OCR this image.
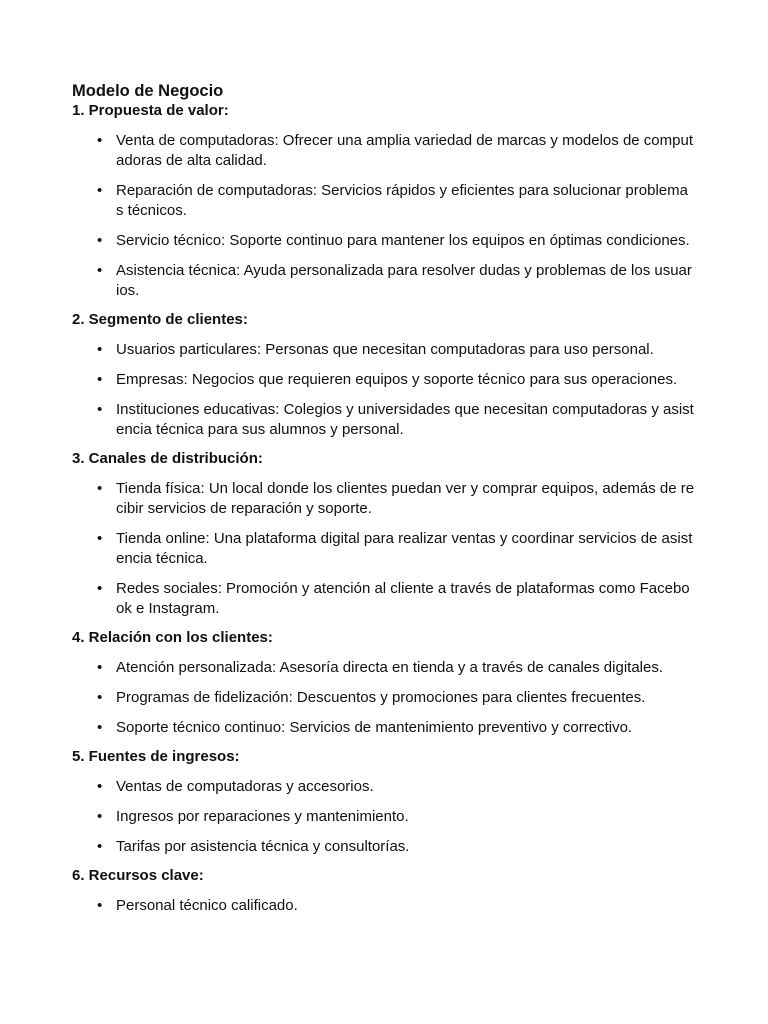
Modelo de Negocio

1. Propuesta de valor:

• Venta de computadoras: Ofrecer una amplia variedad de marcas y modelos de comput
adoras de alta calidad.
• Reparación de computadoras: Servicios rápidos y eficientes para solucionar problema
s técnicos.
• Servicio técnico: Soporte continuo para mantener los equipos en óptimas condiciones.
• Asistencia técnica: Ayuda personalizada para resolver dudas y problemas de los usuar
ios.

2. Segmento de clientes:

• Usuarios particulares: Personas que necesitan computadoras para uso personal.
• Empresas: Negocios que requieren equipos y soporte técnico para sus operaciones.
• Instituciones educativas: Colegios y universidades que necesitan computadoras y asist
encia técnica para sus alumnos y personal.

3. Canales de distribución:

• Tienda física: Un local donde los clientes puedan ver y comprar equipos, además de re
cibir servicios de reparación y soporte.
• Tienda online: Una plataforma digital para realizar ventas y coordinar servicios de asist
encia técnica.
• Redes sociales: Promoción y atención al cliente a través de plataformas como Facebo
ok e Instagram.

4. Relación con los clientes:

• Atención personalizada: Asesoría directa en tienda y a través de canales digitales.
• Programas de fidelización: Descuentos y promociones para clientes frecuentes.
• Soporte técnico continuo: Servicios de mantenimiento preventivo y correctivo.

5. Fuentes de ingresos:

• Ventas de computadoras y accesorios.
• Ingresos por reparaciones y mantenimiento.
• Tarifas por asistencia técnica y consultorías.

6. Recursos clave:

• Personal técnico calificado.
